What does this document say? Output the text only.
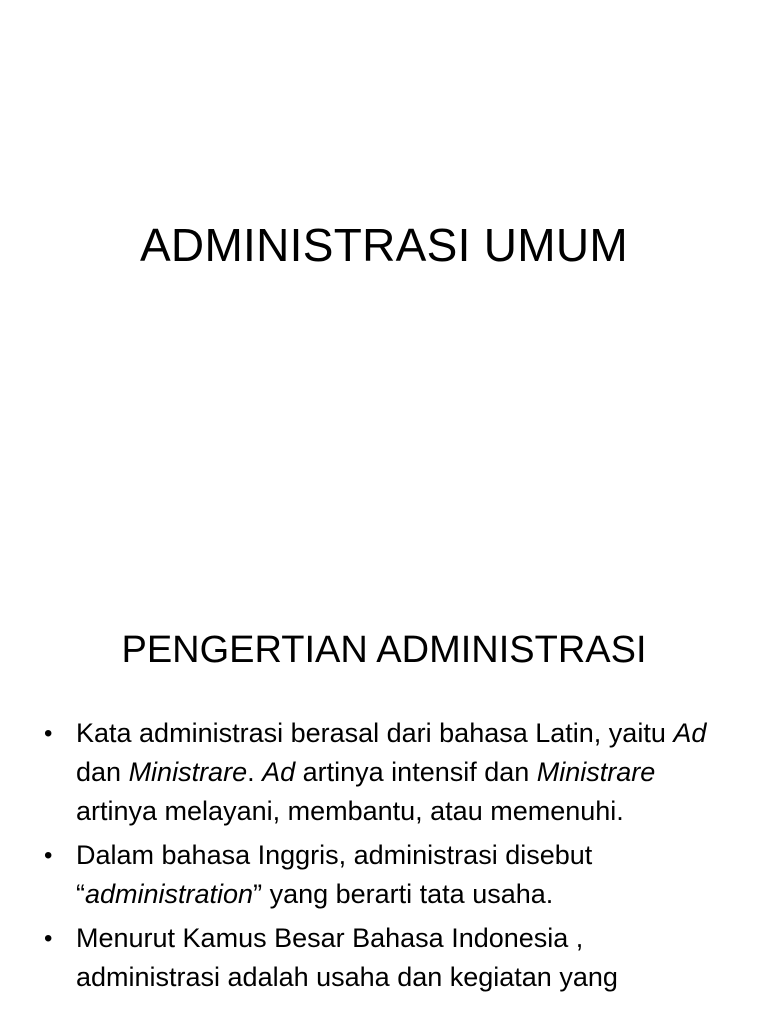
ADMINISTRASI UMUM
PENGERTIAN ADMINISTRASI
• Kata administrasi berasal dari bahasa Latin, yaitu Ad dan Ministrare. Ad artinya intensif dan Ministrare artinya melayani, membantu, atau memenuhi.
• Dalam bahasa Inggris, administrasi disebut “administration” yang berarti tata usaha.
• Menurut Kamus Besar Bahasa Indonesia , administrasi adalah usaha dan kegiatan yang
